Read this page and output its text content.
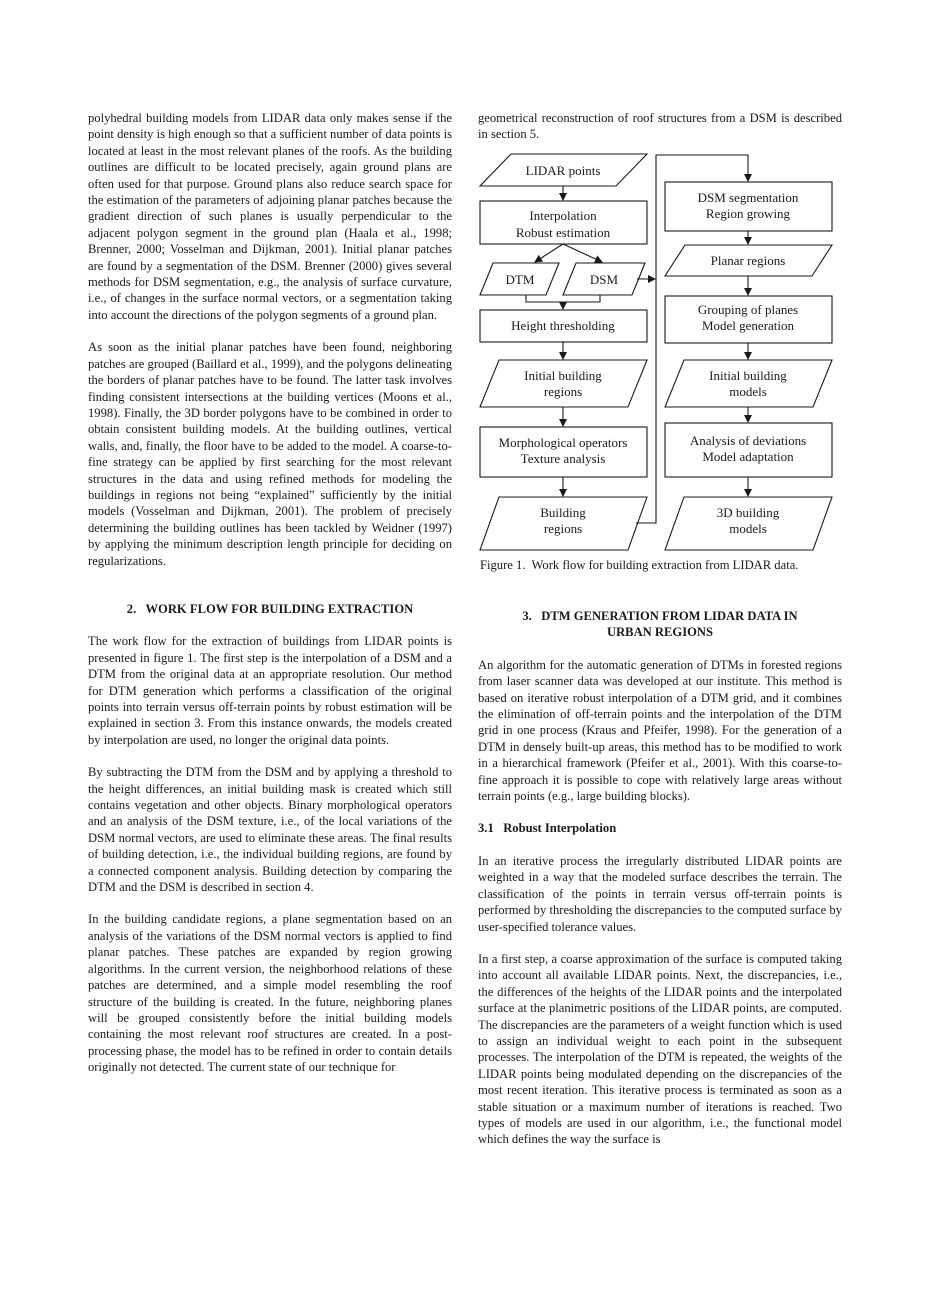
polyhedral building models from LIDAR data only makes sense if the point density is high enough so that a sufficient number of data points is located at least in the most relevant planes of the roofs. As the building outlines are difficult to be located precisely, again ground plans are often used for that purpose. Ground plans also reduce search space for the estimation of the parameters of adjoining planar patches because the gradient direction of such planes is usually perpendicular to the adjacent polygon segment in the ground plan (Haala et al., 1998; Brenner, 2000; Vosselman and Dijkman, 2001). Initial planar patches are found by a segmentation of the DSM. Brenner (2000) gives several methods for DSM segmentation, e.g., the analysis of surface curvature, i.e., of changes in the surface normal vectors, or a segmentation taking into account the directions of the polygon segments of a ground plan.

As soon as the initial planar patches have been found, neighboring patches are grouped (Baillard et al., 1999), and the polygons delineating the borders of planar patches have to be found. The latter task involves finding consistent intersections at the building vertices (Moons et al., 1998). Finally, the 3D border polygons have to be combined in order to obtain consistent building models. At the building outlines, vertical walls, and, finally, the floor have to be added to the model. A coarse-to-fine strategy can be applied by first searching for the most relevant structures in the data and using refined methods for modeling the buildings in regions not being “explained” sufficiently by the initial models (Vosselman and Dijkman, 2001). The problem of precisely determining the building outlines has been tackled by Weidner (1997) by applying the minimum description length principle for deciding on regularizations.

2.   WORK FLOW FOR BUILDING EXTRACTION

The work flow for the extraction of buildings from LIDAR points is presented in figure 1. The first step is the interpolation of a DSM and a DTM from the original data at an appropriate resolution. Our method for DTM generation which performs a classification of the original points into terrain versus off-terrain points by robust estimation will be explained in section 3. From this instance onwards, the models created by interpolation are used, no longer the original data points.

By subtracting the DTM from the DSM and by applying a threshold to the height differences, an initial building mask is created which still contains vegetation and other objects. Binary morphological operators and an analysis of the DSM texture, i.e., of the local variations of the DSM normal vectors, are used to eliminate these areas. The final results of building detection, i.e., the individual building regions, are found by a connected component analysis. Building detection by comparing the DTM and the DSM is described in section 4.

In the building candidate regions, a plane segmentation based on an analysis of the variations of the DSM normal vectors is applied to find planar patches. These patches are expanded by region growing algorithms. In the current version, the neighborhood relations of these patches are determined, and a simple model resembling the roof structure of the building is created. In the future, neighboring planes will be grouped consistently before the initial building models containing the most relevant roof structures are created. In a post-processing phase, the model has to be refined in order to contain details originally not detected. The current state of our technique for

geometrical reconstruction of roof structures from a DSM is described in section 5.

LIDAR points
Interpolation
Robust estimation
DTM	DSM
Height thresholding
Initial building
regions
Morphological operators
Texture analysis
Building
regions
DSM segmentation
Region growing
Planar regions
Grouping of planes
Model generation
Initial building
models
Analysis of deviations
Model adaptation
3D building
models
Figure 1.  Work flow for building extraction from LIDAR data.
3.   DTM GENERATION FROM LIDAR DATA IN
URBAN REGIONS

An algorithm for the automatic generation of DTMs in forested regions from laser scanner data was developed at our institute. This method is based on iterative robust interpolation of a DTM grid, and it combines the elimination of off-terrain points and the interpolation of the DTM grid in one process (Kraus and Pfeifer, 1998). For the generation of a DTM in densely built-up areas, this method has to be modified to work in a hierarchical framework (Pfeifer et al., 2001). With this coarse-to-fine approach it is possible to cope with relatively large areas without terrain points (e.g., large building blocks).

3.1   Robust Interpolation

In an iterative process the irregularly distributed LIDAR points are weighted in a way that the modeled surface describes the terrain. The classification of the points in terrain versus off-terrain points is performed by thresholding the discrepancies to the computed surface by user-specified tolerance values.

In a first step, a coarse approximation of the surface is computed taking into account all available LIDAR points. Next, the discrepancies, i.e., the differences of the heights of the LIDAR points and the interpolated surface at the planimetric positions of the LIDAR points, are computed. The discrepancies are the parameters of a weight function which is used to assign an individual weight to each point in the subsequent processes. The interpolation of the DTM is repeated, the weights of the LIDAR points being modulated depending on the discrepancies of the most recent iteration. This iterative process is terminated as soon as a stable situation or a maximum number of iterations is reached. Two types of models are used in our algorithm, i.e., the functional model which defines the way the surface is
